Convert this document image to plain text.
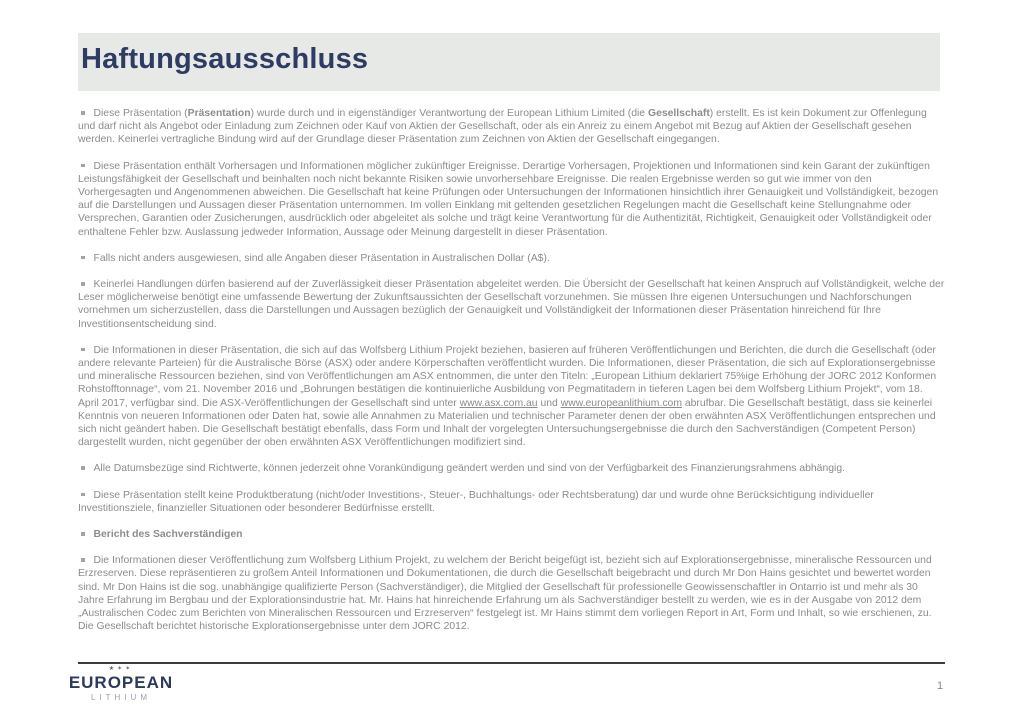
Haftungsausschluss

Diese Präsentation (Präsentation) wurde durch und in eigenständiger Verantwortung der European Lithium Limited (die Gesellschaft) erstellt. Es ist kein Dokument zur Offenlegung und darf nicht als Angebot oder Einladung zum Zeichnen oder Kauf von Aktien der Gesellschaft, oder als ein Anreiz zu einem Angebot mit Bezug auf Aktien der Gesellschaft gesehen werden. Keinerlei vertragliche Bindung wird auf der Grundlage dieser Präsentation zum Zeichnen von Aktien der Gesellschaft eingegangen.

Diese Präsentation enthält Vorhersagen und Informationen möglicher zukünftiger Ereignisse. Derartige Vorhersagen, Projektionen und Informationen sind kein Garant der zukünftigen Leistungsfähigkeit der Gesellschaft und beinhalten noch nicht bekannte Risiken sowie unvorhersehbare Ereignisse. Die realen Ergebnisse werden so gut wie immer von den Vorhergesagten und Angenommenen abweichen. Die Gesellschaft hat keine Prüfungen oder Untersuchungen der Informationen hinsichtlich ihrer Genauigkeit und Vollständigkeit, bezogen auf die Darstellungen und Aussagen dieser Präsentation unternommen. Im vollen Einklang mit geltenden gesetzlichen Regelungen macht die Gesellschaft keine Stellungnahme oder Versprechen, Garantien oder Zusicherungen, ausdrücklich oder abgeleitet als solche und trägt keine Verantwortung für die Authentizität, Richtigkeit, Genauigkeit oder Vollständigkeit oder enthaltene Fehler bzw. Auslassung jedweder Information, Aussage oder Meinung dargestellt in dieser Präsentation.

Falls nicht anders ausgewiesen, sind alle Angaben dieser Präsentation in Australischen Dollar (A$).

Keinerlei Handlungen dürfen basierend auf der Zuverlässigkeit dieser Präsentation abgeleitet werden. Die Übersicht der Gesellschaft hat keinen Anspruch auf Vollständigkeit, welche der Leser möglicherweise benötigt eine umfassende Bewertung der Zukunftsaussichten der Gesellschaft vorzunehmen. Sie müssen Ihre eigenen Untersuchungen und Nachforschungen vornehmen um sicherzustellen, dass die Darstellungen und Aussagen bezüglich der Genauigkeit und Vollständigkeit der Informationen dieser Präsentation hinreichend für Ihre Investitionsentscheidung sind.

Die Informationen in dieser Präsentation, die sich auf das Wolfsberg Lithium Projekt beziehen, basieren auf früheren Veröffentlichungen und Berichten, die durch die Gesellschaft (oder andere relevante Parteien) für die Australische Börse (ASX) oder andere Körperschaften veröffentlicht wurden. Die Informationen, dieser Präsentation, die sich auf Explorationsergebnisse und mineralische Ressourcen beziehen, sind von Veröffentlichungen am ASX entnommen, die unter den Titeln: „European Lithium deklariert 75%ige Erhöhung der JORC 2012 Konformen Rohstofftonnage“, vom 21. November 2016 und „Bohrungen bestätigen die kontinuierliche Ausbildung von Pegmatitadern in tieferen Lagen bei dem Wolfsberg Lithium Projekt“, vom 18. April 2017, verfügbar sind. Die ASX-Veröffentlichungen der Gesellschaft sind unter www.asx.com.au und www.europeanlithium.com abrufbar. Die Gesellschaft bestätigt, dass sie keinerlei Kenntnis von neueren Informationen oder Daten hat, sowie alle Annahmen zu Materialien und technischer Parameter denen der oben erwähnten ASX Veröffentlichungen entsprechen und sich nicht geändert haben. Die Gesellschaft bestätigt ebenfalls, dass Form und Inhalt der vorgelegten Untersuchungsergebnisse die durch den Sachverständigen (Competent Person) dargestellt wurden, nicht gegenüber der oben erwähnten ASX Veröffentlichungen modifiziert sind.

Alle Datumsbezüge sind Richtwerte, können jederzeit ohne Vorankündigung geändert werden und sind von der Verfügbarkeit des Finanzierungsrahmens abhängig.

Diese Präsentation stellt keine Produktberatung (nicht/oder Investitions-, Steuer-, Buchhaltungs- oder Rechtsberatung) dar und wurde ohne Berücksichtigung individueller Investitionsziele, finanzieller Situationen oder besonderer Bedürfnisse erstellt.

Bericht des Sachverständigen

Die Informationen dieser Veröffentlichung zum Wolfsberg Lithium Projekt, zu welchem der Bericht beigefügt ist, bezieht sich auf Explorationsergebnisse, mineralische Ressourcen und Erzreserven. Diese repräsentieren zu großem Anteil Informationen und Dokumentationen, die durch die Gesellschaft beigebracht und durch Mr Don Hains gesichtet und bewertet worden sind. Mr Don Hains ist die sog. unabhängige qualifizierte Person (Sachverständiger), die Mitglied der Gesellschaft für professionelle Geowissenschaftler in Ontarrio ist und mehr als 30 Jahre Erfahrung im Bergbau und der Explorationsindustrie hat. Mr. Hains hat hinreichende Erfahrung um als Sachverständiger bestellt zu werden, wie es in der Ausgabe von 2012 dem „Australischen Codec zum Berichten von Mineralischen Ressourcen und Erzreserven“ festgelegt ist. Mr Hains stimmt dem vorliegen Report in Art, Form und Inhalt, so wie erschienen, zu. Die Gesellschaft berichtet historische Explorationsergebnisse unter dem JORC 2012.

★✶✶
EUROPEAN
LITHIUM
1
